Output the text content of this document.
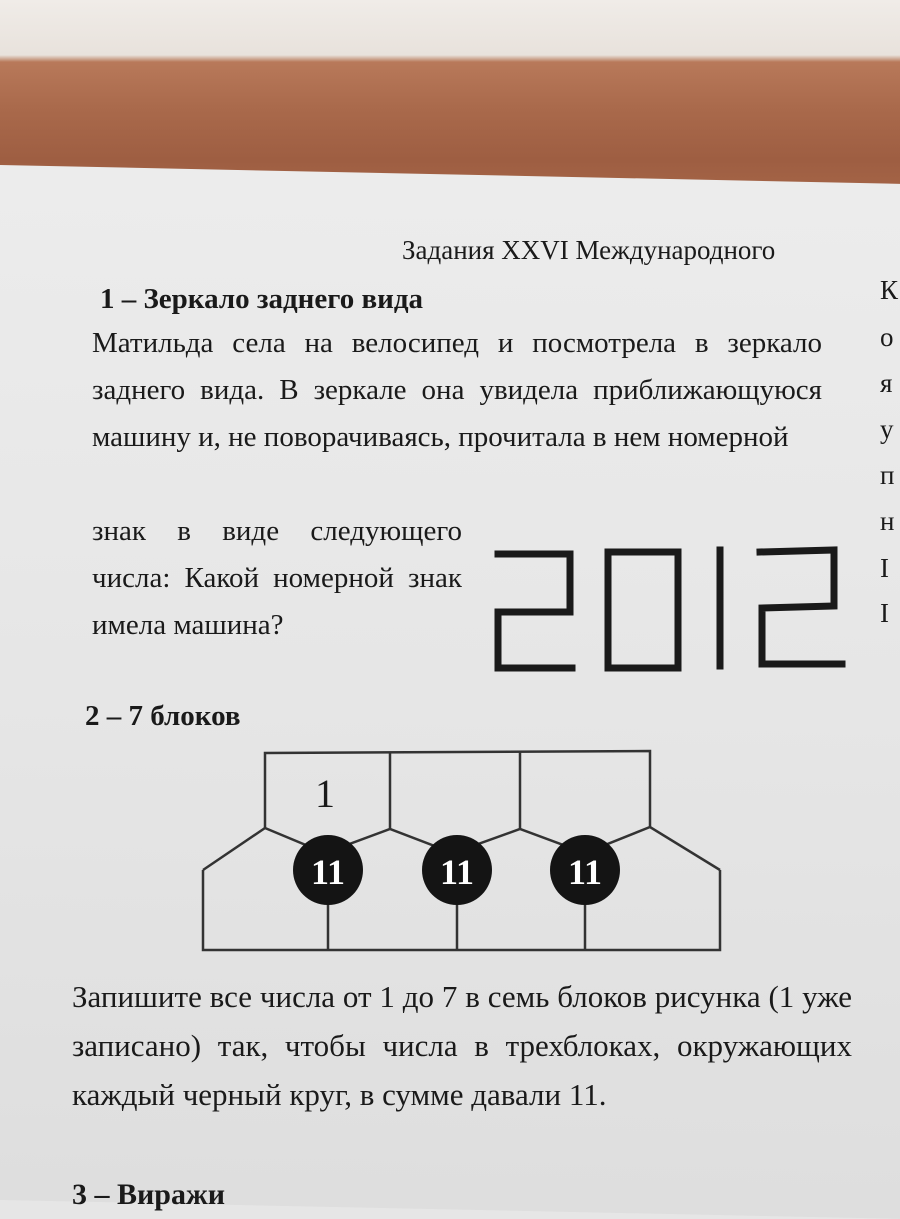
Задания XXVI Международного
1 – Зеркало заднего вида
Матильда села на велосипед и посмотрела в зеркало заднего вида. В зеркале она увидела приближающуюся машину и, не поворачиваясь, прочитала в нем номерной
знак в виде следующего числа: Какой номерной знак имела машина?
2 – 7 блоков
1
11	11	11
Запишите все числа от 1 до 7 в семь блоков рисунка (1 уже записано) так, чтобы числа в трехблоках, окружающих каждый черный круг, в сумме давали 11.
3 – Виражи
К
о
я
у
п
н
I
I
